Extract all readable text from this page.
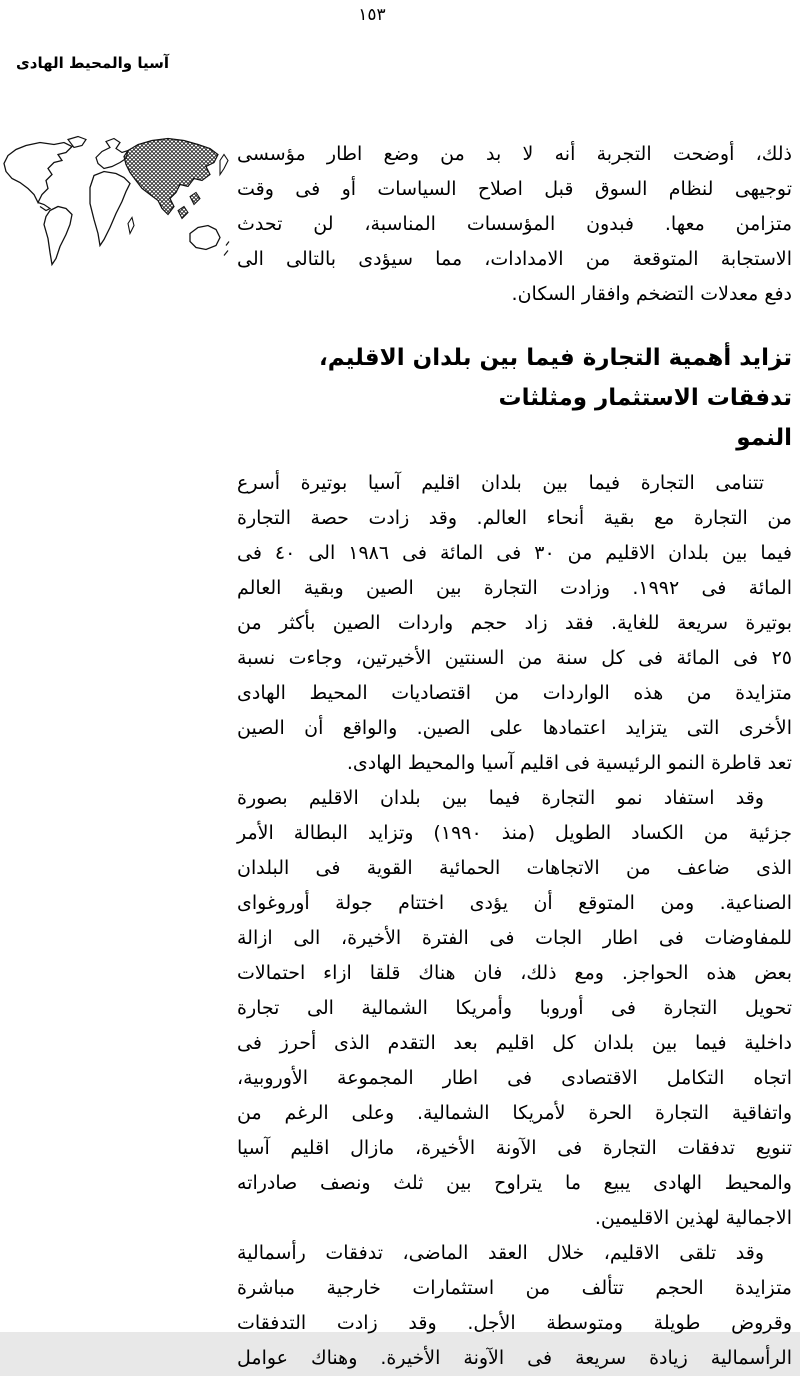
١٥٣
آسيا والمحيط الهادى
ذلك، أوضحت التجربة أنه لا بد من وضع اطار مؤسسى
توجيهى لنظام السوق قبل اصلاح السياسات أو فى وقت
متزامن معها. فبدون المؤسسات المناسبة، لن تحدث
الاستجابة المتوقعة من الامدادات، مما سيؤدى بالتالى الى
دفع معدلات التضخم وافقار السكان.
تزايد أهمية التجارة فيما بين بلدان الاقليم،
تدفقات الاستثمار ومثلثات النمو
تتنامى التجارة فيما بين بلدان اقليم آسيا بوتيرة أسرع
من التجارة مع بقية أنحاء العالم. وقد زادت حصة التجارة
فيما بين بلدان الاقليم من ٣٠ فى المائة فى ١٩٨٦ الى ٤٠ فى
المائة فى ١٩٩٢. وزادت التجارة بين الصين وبقية العالم
بوتيرة سريعة للغاية. فقد زاد حجم واردات الصين بأكثر من
٢٥ فى المائة فى كل سنة من السنتين الأخيرتين، وجاءت نسبة
متزايدة من هذه الواردات من اقتصاديات المحيط الهادى
الأخرى التى يتزايد اعتمادها على الصين. والواقع أن الصين
تعد قاطرة النمو الرئيسية فى اقليم آسيا والمحيط الهادى.
وقد استفاد نمو التجارة فيما بين بلدان الاقليم بصورة
جزئية من الكساد الطويل (منذ ١٩٩٠) وتزايد البطالة الأمر
الذى ضاعف من الاتجاهات الحمائية القوية فى البلدان
الصناعية. ومن المتوقع أن يؤدى اختتام جولة أوروغواى
للمفاوضات فى اطار الجات فى الفترة الأخيرة، الى ازالة
بعض هذه الحواجز. ومع ذلك، فان هناك قلقا ازاء احتمالات
تحويل التجارة فى أوروبا وأمريكا الشمالية الى تجارة
داخلية فيما بين بلدان كل اقليم بعد التقدم الذى أحرز فى
اتجاه التكامل الاقتصادى فى اطار المجموعة الأوروبية،
واتفاقية التجارة الحرة لأمريكا الشمالية. وعلى الرغم من
تنويع تدفقات التجارة فى الآونة الأخيرة، مازال اقليم آسيا
والمحيط الهادى يبيع ما يتراوح بين ثلث ونصف صادراته
الاجمالية لهذين الاقليمين.
وقد تلقى الاقليم، خلال العقد الماضى، تدفقات رأسمالية
متزايدة الحجم تتألف من استثمارات خارجية مباشرة
وقروض طويلة ومتوسطة الأجل. وقد زادت التدفقات
الرأسمالية زيادة سريعة فى الآونة الأخيرة. وهناك عوامل
